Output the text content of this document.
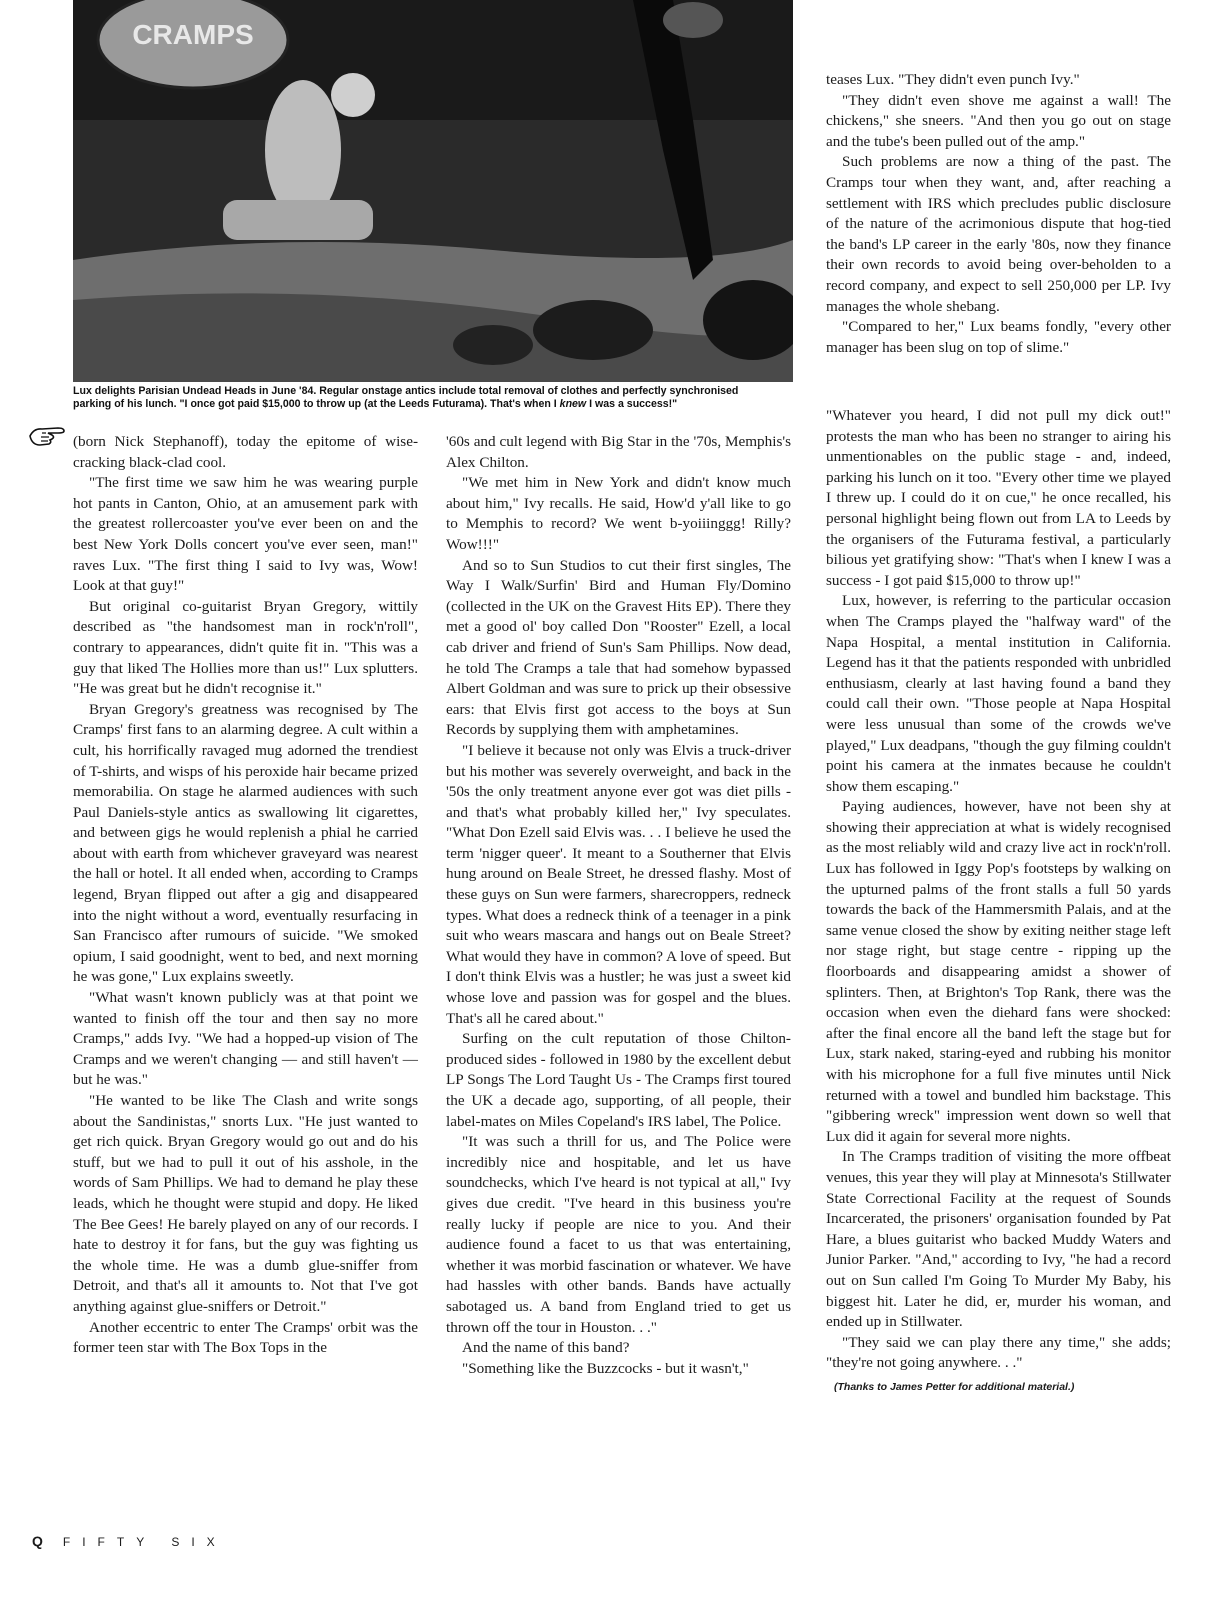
CRAMPS
Lux delights Parisian Undead Heads in June '84. Regular onstage antics include total removal of clothes and perfectly synchronised
parking of his lunch. "I once got paid $15,000 to throw up (at the Leeds Futurama). That's when I knew I was a success!"

(born Nick Stephanoff), today the epitome of wise-cracking black-clad cool.

"The first time we saw him he was wearing purple hot pants in Canton, Ohio, at an amusement park with the greatest rollercoaster you've ever been on and the best New York Dolls concert you've ever seen, man!" raves Lux. "The first thing I said to Ivy was, Wow! Look at that guy!"

But original co-guitarist Bryan Gregory, wittily described as "the handsomest man in rock'n'roll", contrary to appearances, didn't quite fit in. "This was a guy that liked The Hollies more than us!" Lux splutters. "He was great but he didn't recognise it."

Bryan Gregory's greatness was recognised by The Cramps' first fans to an alarming degree. A cult within a cult, his horrifically ravaged mug adorned the trendiest of T-shirts, and wisps of his peroxide hair became prized memorabilia. On stage he alarmed audiences with such Paul Daniels-style antics as swallowing lit cigarettes, and between gigs he would replenish a phial he carried about with earth from whichever graveyard was nearest the hall or hotel. It all ended when, according to Cramps legend, Bryan flipped out after a gig and disappeared into the night without a word, eventually resurfacing in San Francisco after rumours of suicide. "We smoked opium, I said goodnight, went to bed, and next morning he was gone," Lux explains sweetly.

"What wasn't known publicly was at that point we wanted to finish off the tour and then say no more Cramps," adds Ivy. "We had a hopped-up vision of The Cramps and we weren't changing — and still haven't — but he was."

"He wanted to be like The Clash and write songs about the Sandinistas," snorts Lux. "He just wanted to get rich quick. Bryan Gregory would go out and do his stuff, but we had to pull it out of his asshole, in the words of Sam Phillips. We had to demand he play these leads, which he thought were stupid and dopy. He liked The Bee Gees! He barely played on any of our records. I hate to destroy it for fans, but the guy was fighting us the whole time. He was a dumb glue-sniffer from Detroit, and that's all it amounts to. Not that I've got anything against glue-sniffers or Detroit."

Another eccentric to enter The Cramps' orbit was the former teen star with The Box Tops in the

'60s and cult legend with Big Star in the '70s, Memphis's Alex Chilton.

"We met him in New York and didn't know much about him," Ivy recalls. He said, How'd y'all like to go to Memphis to record? We went b-yoiiinggg! Rilly? Wow!!!"

And so to Sun Studios to cut their first singles, The Way I Walk/Surfin' Bird and Human Fly/Domino (collected in the UK on the Gravest Hits EP). There they met a good ol' boy called Don "Rooster" Ezell, a local cab driver and friend of Sun's Sam Phillips. Now dead, he told The Cramps a tale that had somehow bypassed Albert Goldman and was sure to prick up their obsessive ears: that Elvis first got access to the boys at Sun Records by supplying them with amphetamines.

"I believe it because not only was Elvis a truck-driver but his mother was severely overweight, and back in the '50s the only treatment anyone ever got was diet pills - and that's what probably killed her," Ivy speculates. "What Don Ezell said Elvis was. . . I believe he used the term 'nigger queer'. It meant to a Southerner that Elvis hung around on Beale Street, he dressed flashy. Most of these guys on Sun were farmers, sharecroppers, redneck types. What does a redneck think of a teenager in a pink suit who wears mascara and hangs out on Beale Street? What would they have in common? A love of speed. But I don't think Elvis was a hustler; he was just a sweet kid whose love and passion was for gospel and the blues. That's all he cared about."

Surfing on the cult reputation of those Chilton-produced sides - followed in 1980 by the excellent debut LP Songs The Lord Taught Us - The Cramps first toured the UK a decade ago, supporting, of all people, their label-mates on Miles Copeland's IRS label, The Police.

"It was such a thrill for us, and The Police were incredibly nice and hospitable, and let us have soundchecks, which I've heard is not typical at all," Ivy gives due credit. "I've heard in this business you're really lucky if people are nice to you. And their audience found a facet to us that was entertaining, whether it was morbid fascination or whatever. We have had hassles with other bands. Bands have actually sabotaged us. A band from England tried to get us thrown off the tour in Houston. . ."

And the name of this band?

"Something like the Buzzcocks - but it wasn't,"

teases Lux. "They didn't even punch Ivy."

"They didn't even shove me against a wall! The chickens," she sneers. "And then you go out on stage and the tube's been pulled out of the amp."

Such problems are now a thing of the past. The Cramps tour when they want, and, after reaching a settlement with IRS which precludes public disclosure of the nature of the acrimonious dispute that hog-tied the band's LP career in the early '80s, now they finance their own records to avoid being over-beholden to a record company, and expect to sell 250,000 per LP. Ivy manages the whole shebang.

"Compared to her," Lux beams fondly, "every other manager has been slug on top of slime."

"Whatever you heard, I did not pull my dick out!" protests the man who has been no stranger to airing his unmentionables on the public stage - and, indeed, parking his lunch on it too. "Every other time we played I threw up. I could do it on cue," he once recalled, his personal highlight being flown out from LA to Leeds by the organisers of the Futurama festival, a particularly bilious yet gratifying show: "That's when I knew I was a success - I got paid $15,000 to throw up!"

Lux, however, is referring to the particular occasion when The Cramps played the "halfway ward" of the Napa Hospital, a mental institution in California. Legend has it that the patients responded with unbridled enthusiasm, clearly at last having found a band they could call their own. "Those people at Napa Hospital were less unusual than some of the crowds we've played," Lux deadpans, "though the guy filming couldn't point his camera at the inmates because he couldn't show them escaping."

Paying audiences, however, have not been shy at showing their appreciation at what is widely recognised as the most reliably wild and crazy live act in rock'n'roll. Lux has followed in Iggy Pop's footsteps by walking on the upturned palms of the front stalls a full 50 yards towards the back of the Hammersmith Palais, and at the same venue closed the show by exiting neither stage left nor stage right, but stage centre - ripping up the floorboards and disappearing amidst a shower of splinters. Then, at Brighton's Top Rank, there was the occasion when even the diehard fans were shocked: after the final encore all the band left the stage but for Lux, stark naked, staring-eyed and rubbing his monitor with his microphone for a full five minutes until Nick returned with a towel and bundled him backstage. This "gibbering wreck" impression went down so well that Lux did it again for several more nights.

In The Cramps tradition of visiting the more offbeat venues, this year they will play at Minnesota's Stillwater State Correctional Facility at the request of Sounds Incarcerated, the prisoners' organisation founded by Pat Hare, a blues guitarist who backed Muddy Waters and Junior Parker. "And," according to Ivy, "he had a record out on Sun called I'm Going To Murder My Baby, his biggest hit. Later he did, er, murder his woman, and ended up in Stillwater.

"They said we can play there any time," she adds; "they're not going anywhere. . ."

(Thanks to James Petter for additional material.)
Q FIFTY SIX
